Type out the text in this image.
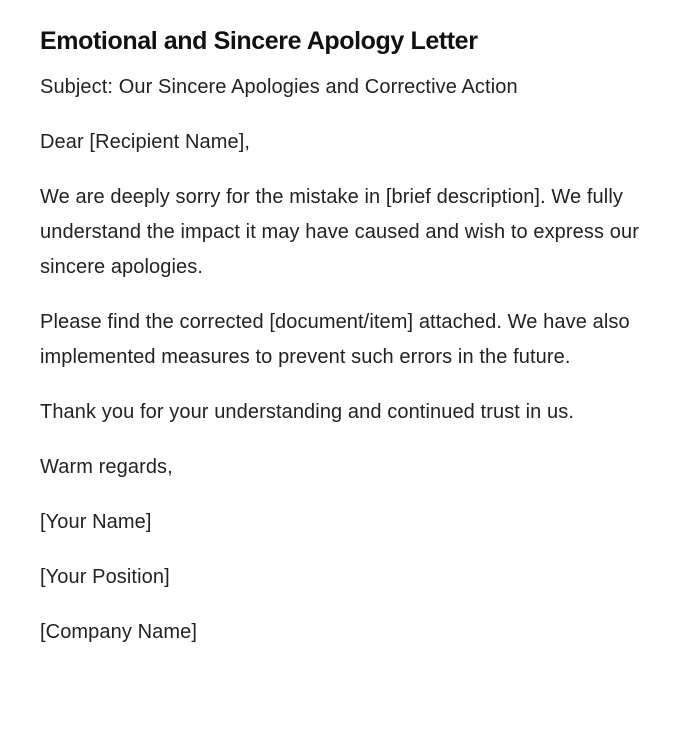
Emotional and Sincere Apology Letter

Subject: Our Sincere Apologies and Corrective Action

Dear [Recipient Name],

We are deeply sorry for the mistake in [brief description]. We fully understand the impact it may have caused and wish to express our sincere apologies.

Please find the corrected [document/item] attached. We have also implemented measures to prevent such errors in the future.

Thank you for your understanding and continued trust in us.

Warm regards,

[Your Name]

[Your Position]

[Company Name]
